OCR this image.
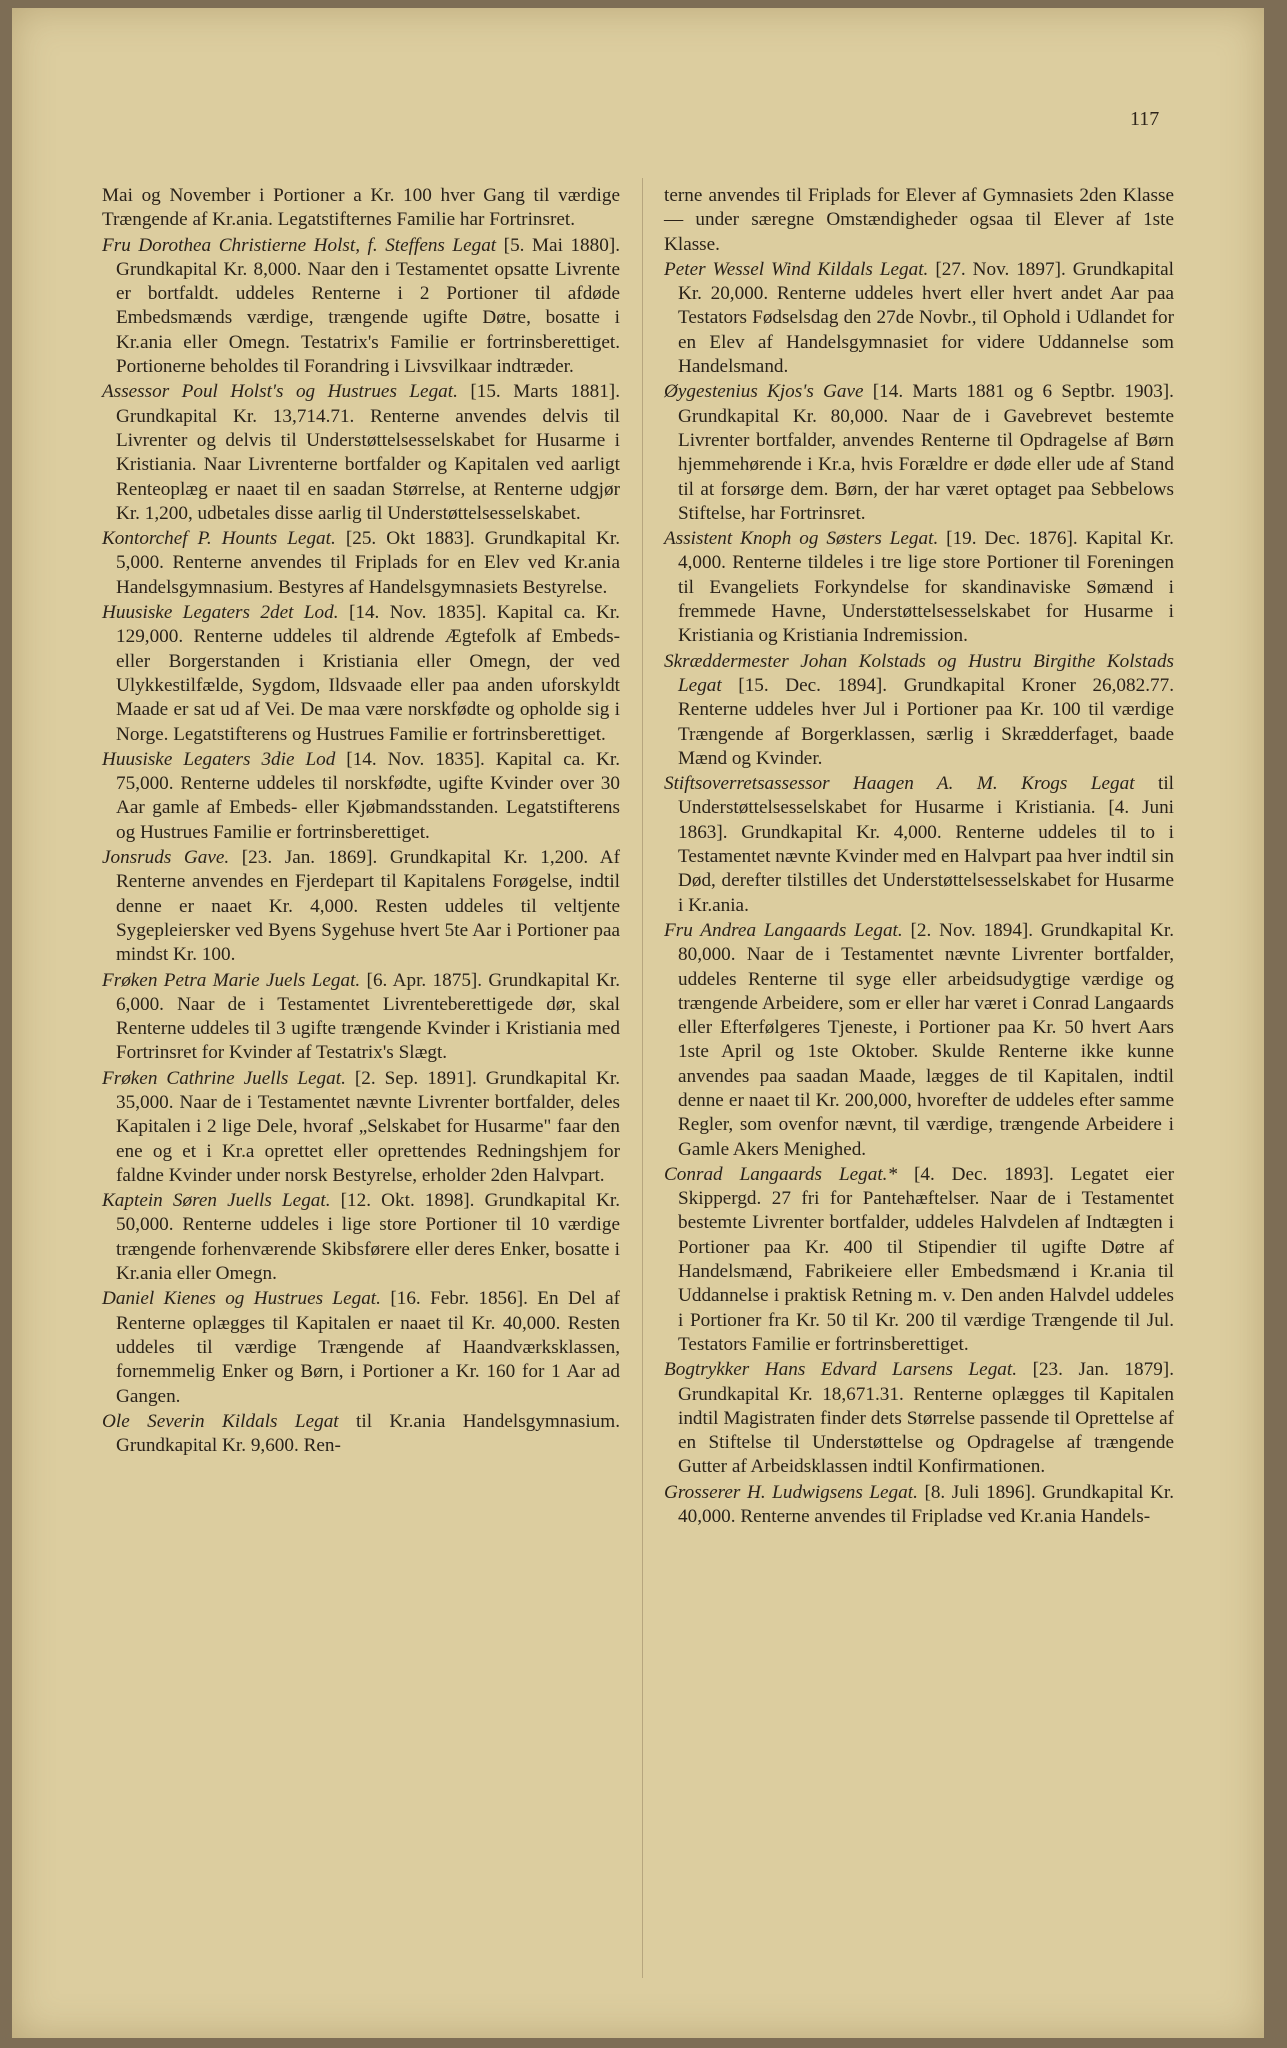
117

Mai og November i Portioner a Kr. 100 hver Gang til værdige Trængende af Kr.ania. Legatstifternes Familie har Fortrinsret.

Fru Dorothea Christierne Holst, f. Steffens Legat [5. Mai 1880]. Grundkapital Kr. 8,000. Naar den i Testamentet opsatte Livrente er bortfaldt. uddeles Renterne i 2 Portioner til afdøde Embedsmænds værdige, trængende ugifte Døtre, bosatte i Kr.ania eller Omegn. Testatrix's Familie er fortrinsberettiget. Portionerne beholdes til Forandring i Livsvilkaar indtræder.

Assessor Poul Holst's og Hustrues Legat. [15. Marts 1881]. Grundkapital Kr. 13,714.71. Renterne anvendes delvis til Livrenter og delvis til Understøttelsesselskabet for Husarme i Kristiania. Naar Livrenterne bortfalder og Kapitalen ved aarligt Renteoplæg er naaet til en saadan Størrelse, at Renterne udgjør Kr. 1,200, udbetales disse aarlig til Understøttelsesselskabet.

Kontorchef P. Hounts Legat. [25. Okt 1883]. Grundkapital Kr. 5,000. Renterne anvendes til Friplads for en Elev ved Kr.ania Handelsgymnasium. Bestyres af Handelsgymnasiets Bestyrelse.

Huusiske Legaters 2det Lod. [14. Nov. 1835]. Kapital ca. Kr. 129,000. Renterne uddeles til aldrende Ægtefolk af Embeds- eller Borgerstanden i Kristiania eller Omegn, der ved Ulykkestilfælde, Sygdom, Ildsvaade eller paa anden uforskyldt Maade er sat ud af Vei. De maa være norskfødte og opholde sig i Norge. Legatstifterens og Hustrues Familie er fortrinsberettiget.

Huusiske Legaters 3die Lod [14. Nov. 1835]. Kapital ca. Kr. 75,000. Renterne uddeles til norskfødte, ugifte Kvinder over 30 Aar gamle af Embeds- eller Kjøbmandsstanden. Legatstifterens og Hustrues Familie er fortrinsberettiget.

Jonsruds Gave. [23. Jan. 1869]. Grundkapital Kr. 1,200. Af Renterne anvendes en Fjerdepart til Kapitalens Forøgelse, indtil denne er naaet Kr. 4,000. Resten uddeles til veltjente Sygepleiersker ved Byens Sygehuse hvert 5te Aar i Portioner paa mindst Kr. 100.

Frøken Petra Marie Juels Legat. [6. Apr. 1875]. Grundkapital Kr. 6,000. Naar de i Testamentet Livrenteberettigede dør, skal Renterne uddeles til 3 ugifte trængende Kvinder i Kristiania med Fortrinsret for Kvinder af Testatrix's Slægt.

Frøken Cathrine Juells Legat. [2. Sep. 1891]. Grundkapital Kr. 35,000. Naar de i Testamentet nævnte Livrenter bortfalder, deles Kapitalen i 2 lige Dele, hvoraf „Selskabet for Husarme" faar den ene og et i Kr.a oprettet eller oprettendes Redningshjem for faldne Kvinder under norsk Bestyrelse, erholder 2den Halvpart.

Kaptein Søren Juells Legat. [12. Okt. 1898]. Grundkapital Kr. 50,000. Renterne uddeles i lige store Portioner til 10 værdige trængende forhenværende Skibsførere eller deres Enker, bosatte i Kr.ania eller Omegn.

Daniel Kienes og Hustrues Legat. [16. Febr. 1856]. En Del af Renterne oplægges til Kapitalen er naaet til Kr. 40,000. Resten uddeles til værdige Trængende af Haandværksklassen, fornemmelig Enker og Børn, i Portioner a Kr. 160 for 1 Aar ad Gangen.

Ole Severin Kildals Legat til Kr.ania Handelsgymnasium. Grundkapital Kr. 9,600. Ren-

terne anvendes til Friplads for Elever af Gymnasiets 2den Klasse — under særegne Omstændigheder ogsaa til Elever af 1ste Klasse.

Peter Wessel Wind Kildals Legat. [27. Nov. 1897]. Grundkapital Kr. 20,000. Renterne uddeles hvert eller hvert andet Aar paa Testators Fødselsdag den 27de Novbr., til Ophold i Udlandet for en Elev af Handelsgymnasiet for videre Uddannelse som Handelsmand.

Øygestenius Kjos's Gave [14. Marts 1881 og 6 Septbr. 1903]. Grundkapital Kr. 80,000. Naar de i Gavebrevet bestemte Livrenter bortfalder, anvendes Renterne til Opdragelse af Børn hjemmehørende i Kr.a, hvis Forældre er døde eller ude af Stand til at forsørge dem. Børn, der har været optaget paa Sebbelows Stiftelse, har Fortrinsret.

Assistent Knoph og Søsters Legat. [19. Dec. 1876]. Kapital Kr. 4,000. Renterne tildeles i tre lige store Portioner til Foreningen til Evangeliets Forkyndelse for skandinaviske Sømænd i fremmede Havne, Understøttelsesselskabet for Husarme i Kristiania og Kristiania Indremission.

Skræddermester Johan Kolstads og Hustru Birgithe Kolstads Legat [15. Dec. 1894]. Grundkapital Kroner 26,082.77. Renterne uddeles hver Jul i Portioner paa Kr. 100 til værdige Trængende af Borgerklassen, særlig i Skrædderfaget, baade Mænd og Kvinder.

Stiftsoverretsassessor Haagen A. M. Krogs Legat til Understøttelsesselskabet for Husarme i Kristiania. [4. Juni 1863]. Grundkapital Kr. 4,000. Renterne uddeles til to i Testamentet nævnte Kvinder med en Halvpart paa hver indtil sin Død, derefter tilstilles det Understøttelsesselskabet for Husarme i Kr.ania.

Fru Andrea Langaards Legat. [2. Nov. 1894]. Grundkapital Kr. 80,000. Naar de i Testamentet nævnte Livrenter bortfalder, uddeles Renterne til syge eller arbeidsudygtige værdige og trængende Arbeidere, som er eller har været i Conrad Langaards eller Efterfølgeres Tjeneste, i Portioner paa Kr. 50 hvert Aars 1ste April og 1ste Oktober. Skulde Renterne ikke kunne anvendes paa saadan Maade, lægges de til Kapitalen, indtil denne er naaet til Kr. 200,000, hvorefter de uddeles efter samme Regler, som ovenfor nævnt, til værdige, trængende Arbeidere i Gamle Akers Menighed.

Conrad Langaards Legat.* [4. Dec. 1893]. Legatet eier Skippergd. 27 fri for Pantehæftelser. Naar de i Testamentet bestemte Livrenter bortfalder, uddeles Halvdelen af Indtægten i Portioner paa Kr. 400 til Stipendier til ugifte Døtre af Handelsmænd, Fabrikeiere eller Embedsmænd i Kr.ania til Uddannelse i praktisk Retning m. v. Den anden Halvdel uddeles i Portioner fra Kr. 50 til Kr. 200 til værdige Trængende til Jul. Testators Familie er fortrinsberettiget.

Bogtrykker Hans Edvard Larsens Legat. [23. Jan. 1879]. Grundkapital Kr. 18,671.31. Renterne oplægges til Kapitalen indtil Magistraten finder dets Størrelse passende til Oprettelse af en Stiftelse til Understøttelse og Opdragelse af trængende Gutter af Arbeidsklassen indtil Konfirmationen.

Grosserer H. Ludwigsens Legat. [8. Juli 1896]. Grundkapital Kr. 40,000. Renterne anvendes til Fripladse ved Kr.ania Handels-
